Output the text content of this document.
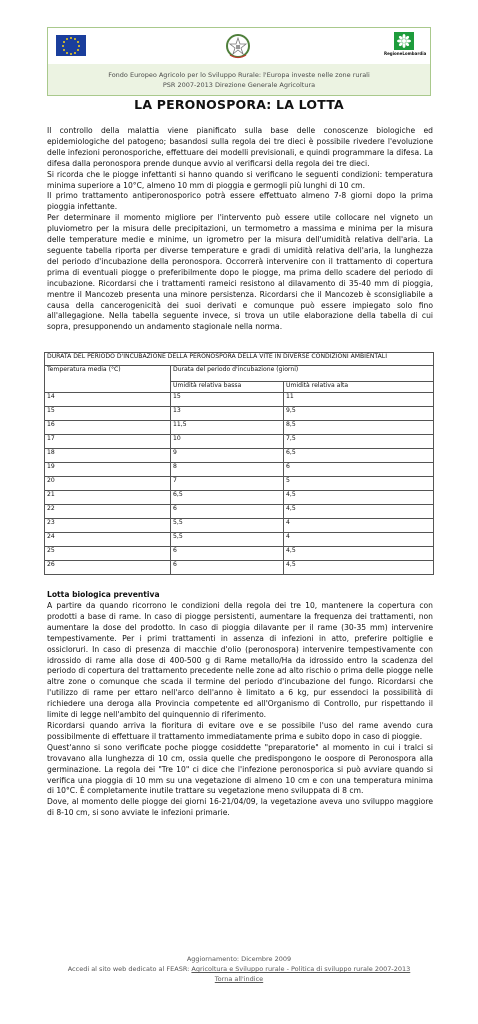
RegioneLombardia
Fondo Europeo Agricolo per lo Sviluppo Rurale: l'Europa investe nelle zone rurali
PSR 2007-2013 Direzione Generale Agricoltura
LA PERONOSPORA: LA LOTTA

Il controllo della malattia viene pianificato sulla base delle conoscenze biologiche ed epidemiologiche del patogeno; basandosi sulla regola dei tre dieci è possibile rivedere l'evoluzione delle infezioni peronosporiche, effettuare dei modelli previsionali, e quindi programmare la difesa. La difesa dalla peronospora prende dunque avvio al verificarsi della regola dei tre dieci.

Si ricorda che le piogge infettanti si hanno quando si verificano le seguenti condizioni: temperatura minima superiore a 10°C, almeno 10 mm di pioggia e germogli più lunghi di 10 cm.

Il primo trattamento antiperonosporico potrà essere effettuato almeno 7-8 giorni dopo la prima pioggia infettante.

Per determinare il momento migliore per l'intervento può essere utile collocare nel vigneto un pluviometro per la misura delle precipitazioni, un termometro a massima e minima per la misura delle temperature medie e minime, un igrometro per la misura dell'umidità relativa dell'aria. La seguente tabella riporta per diverse temperature e gradi di umidità relativa dell'aria, la lunghezza del periodo d'incubazione della peronospora. Occorrerà intervenire con il trattamento di copertura prima di eventuali piogge o preferibilmente dopo le piogge, ma prima dello scadere del periodo di incubazione. Ricordarsi che i trattamenti rameici resistono al dilavamento di 35-40 mm di pioggia, mentre il Mancozeb presenta una minore persistenza. Ricordarsi che il Mancozeb è sconsigliabile a causa della cancerogenicità dei suoi derivati e comunque può essere impiegato solo fino all'allegagione. Nella tabella seguente invece, si trova un utile elaborazione della tabella di cui sopra, presupponendo un andamento stagionale nella norma.

DURATA DEL PERIODO D'INCUBAZIONE DELLA PERONOSPORA DELLA VITE IN DIVERSE CONDIZIONI AMBIENTALI		
Temperatura media (°C)	Durata del periodo d'incubazione (giorni)	
	Umidità relativa bassa	Umidità relativa alta
14	15	11
15	13	9,5
16	11,5	8,5
17	10	7,5
18	9	6,5
19	8	6
20	7	5
21	6,5	4,5
22	6	4,5
23	5,5	4
24	5,5	4
25	6	4,5
26	6	4,5
Lotta biologica preventiva

A partire da quando ricorrono le condizioni della regola dei tre 10, mantenere la copertura con prodotti a base di rame. In caso di piogge persistenti, aumentare la frequenza dei trattamenti, non aumentare la dose del prodotto. In caso di pioggia dilavante per il rame (30-35 mm) intervenire tempestivamente. Per i primi trattamenti in assenza di infezioni in atto, preferire poltiglie e ossicloruri. In caso di presenza di macchie d'olio (peronospora) intervenire tempestivamente con idrossido di rame alla dose di 400-500 g di Rame metallo/Ha da idrossido entro la scadenza del periodo di copertura del trattamento precedente nelle zone ad alto rischio o prima delle piogge nelle altre zone o comunque che scada il termine del periodo d'incubazione del fungo. Ricordarsi che l'utilizzo di rame per ettaro nell'arco dell'anno è limitato a 6 kg, pur essendoci la possibilità di richiedere una deroga alla Provincia competente ed all'Organismo di Controllo, pur rispettando il limite di legge nell'ambito del quinquennio di riferimento.

Ricordarsi quando arriva la fioritura di evitare ove e se possibile l'uso del rame avendo cura possibilmente di effettuare il trattamento immediatamente prima e subito dopo in caso di pioggie.

Quest'anno si sono verificate poche piogge cosiddette "preparatorie" al momento in cui i tralci si trovavano alla lunghezza di 10 cm, ossia quelle che predispongono le oospore di Peronospora alla germinazione. La regola dei "Tre 10" ci dice che l'infezione peronosporica si può avviare quando si verifica una pioggia di 10 mm su una vegetazione di almeno 10 cm e con una temperatura minima di 10°C. È completamente inutile trattare su vegetazione meno sviluppata di 8 cm.

Dove, al momento delle piogge dei giorni 16-21/04/09, la vegetazione aveva uno sviluppo maggiore di 8-10 cm, si sono avviate le infezioni primarie.

Aggiornamento: Dicembre 2009

Accedi al sito web dedicato al FEASR: Agricoltura e Sviluppo rurale - Politica di sviluppo rurale 2007-2013

Torna all'indice
